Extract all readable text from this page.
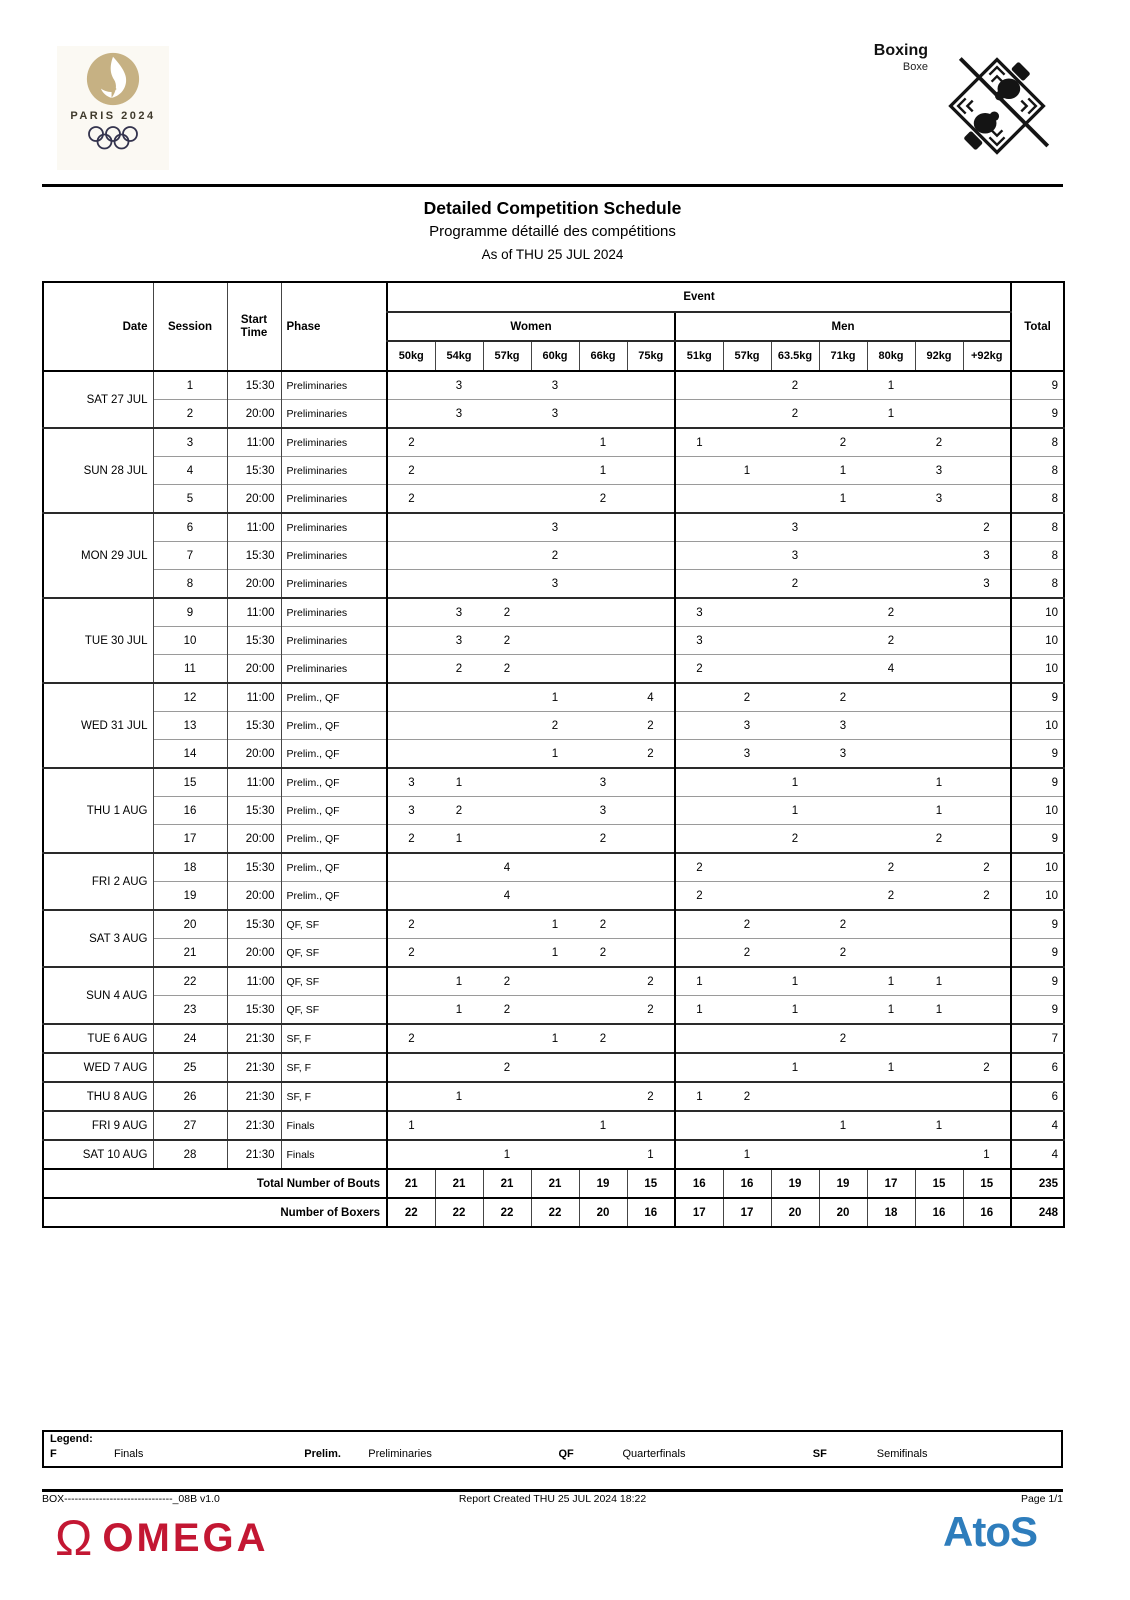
PARIS 2024
Boxing
Boxe
Detailed Competition Schedule
Programme détaillé des compétitions
As of THU 25 JUL 2024
Date	Session	Start
Time	Phase	Event													Total
				Women						Men							
				50kg	54kg	57kg	60kg	66kg	75kg	51kg	57kg	63.5kg	71kg	80kg	92kg	+92kg	
SAT 27 JUL	1	15:30	Preliminaries		3		3					2		1			9
	2	20:00	Preliminaries		3		3					2		1			9
SUN 28 JUL	3	11:00	Preliminaries	2				1		1			2		2		8
	4	15:30	Preliminaries	2				1			1		1		3		8
	5	20:00	Preliminaries	2				2					1		3		8
MON 29 JUL	6	11:00	Preliminaries				3					3				2	8
	7	15:30	Preliminaries				2					3				3	8
	8	20:00	Preliminaries				3					2				3	8
TUE 30 JUL	9	11:00	Preliminaries		3	2				3				2			10
	10	15:30	Preliminaries		3	2				3				2			10
	11	20:00	Preliminaries		2	2				2				4			10
WED 31 JUL	12	11:00	Prelim., QF				1		4		2		2				9
	13	15:30	Prelim., QF				2		2		3		3				10
	14	20:00	Prelim., QF				1		2		3		3				9
THU 1 AUG	15	11:00	Prelim., QF	3	1			3				1			1		9
	16	15:30	Prelim., QF	3	2			3				1			1		10
	17	20:00	Prelim., QF	2	1			2				2			2		9
FRI 2 AUG	18	15:30	Prelim., QF			4				2				2		2	10
	19	20:00	Prelim., QF			4				2				2		2	10
SAT 3 AUG	20	15:30	QF, SF	2			1	2			2		2				9
	21	20:00	QF, SF	2			1	2			2		2				9
SUN 4 AUG	22	11:00	QF, SF		1	2			2	1		1		1	1		9
	23	15:30	QF, SF		1	2			2	1		1		1	1		9
TUE 6 AUG	24	21:30	SF, F	2			1	2					2				7
WED 7 AUG	25	21:30	SF, F			2						1		1		2	6
THU 8 AUG	26	21:30	SF, F		1				2	1	2						6
FRI 9 AUG	27	21:30	Finals	1				1					1		1		4
SAT 10 AUG	28	21:30	Finals			1			1		1					1	4
Total Number of Bouts				21	21	21	21	19	15	16	16	19	19	17	15	15	235
Number of Boxers				22	22	22	22	20	16	17	17	20	20	18	16	16	248
Legend:
F	Finals	Prelim.	Preliminaries	QF	Quarterfinals	SF	Semifinals
BOX-------------------------------_08B v1.0	Report Created THU 25 JUL 2024 18:22	Page 1/1
Ω OMEGA	AtoS
